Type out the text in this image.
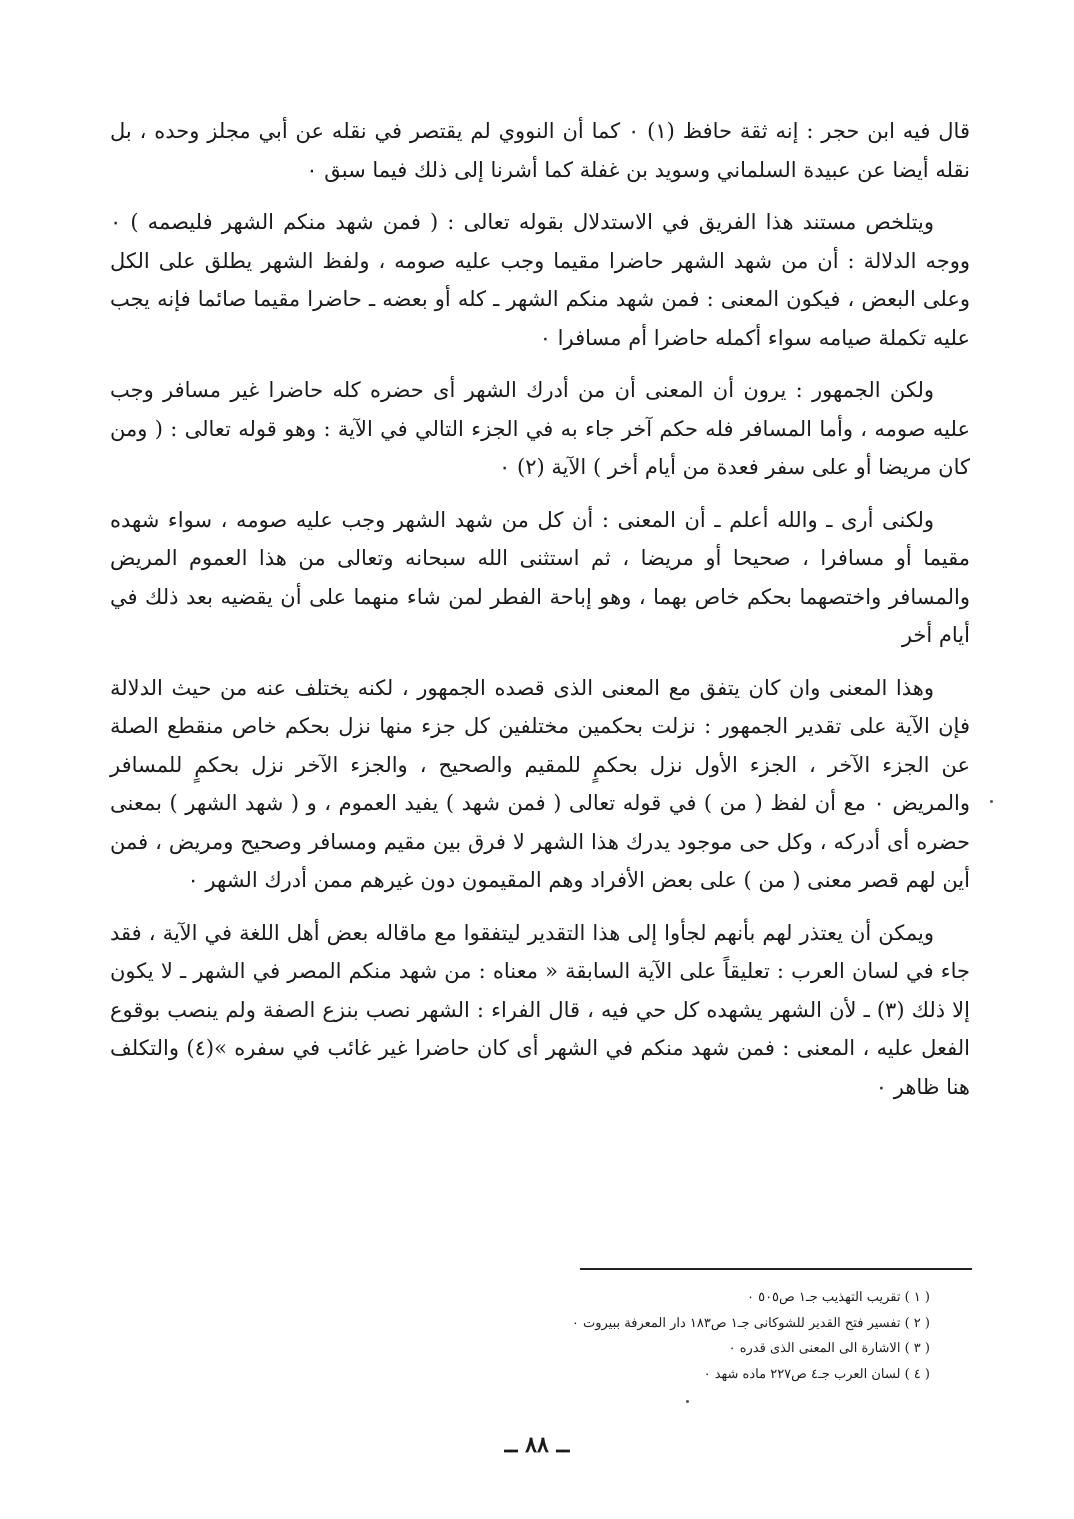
قال فيه ابن حجر : إنه ثقة حافظ (١) ٠ كما أن النووي لم يقتصر في نقله عن أبي مجلز وحده ، بل نقله أيضا عن عبيدة السلماني وسويد بن غفلة كما أشرنا إلى ذلك فيما سبق ٠

ويتلخص مستند هذا الفريق في الاستدلال بقوله تعالى : ( فمن شهد منكم الشهر فليصمه ) ٠ ووجه الدلالة : أن من شهد الشهر حاضرا مقيما وجب عليه صومه ، ولفظ الشهر يطلق على الكل وعلى البعض ، فيكون المعنى : فمن شهد منكم الشهر ـ كله أو بعضه ـ حاضرا مقيما صائما فإنه يجب عليه تكملة صيامه سواء أكمله حاضرا أم مسافرا ٠

ولكن الجمهور : يرون أن المعنى أن من أدرك الشهر أى حضره كله حاضرا غير مسافر وجب عليه صومه ، وأما المسافر فله حكم آخر جاء به في الجزء التالي في الآية : وهو قوله تعالى : ( ومن كان مريضا أو على سفر فعدة من أيام أخر ) الآية (٢) ٠

ولكنى أرى ـ والله أعلم ـ أن المعنى : أن كل من شهد الشهر وجب عليه صومه ، سواء شهده مقيما أو مسافرا ، صحيحا أو مريضا ، ثم استثنى الله سبحانه وتعالى من هذا العموم المريض والمسافر واختصهما بحكم خاص بهما ، وهو إباحة الفطر لمن شاء منهما على أن يقضيه بعد ذلك في أيام أخر

وهذا المعنى وان كان يتفق مع المعنى الذى قصده الجمهور ، لكنه يختلف عنه من حيث الدلالة فإن الآية على تقدير الجمهور : نزلت بحكمين مختلفين كل جزء منها نزل بحكم خاص منقطع الصلة عن الجزء الآخر ، الجزء الأول نزل بحكمٍ للمقيم والصحيح ، والجزء الآخر نزل بحكمٍ للمسافر والمريض ٠ مع أن لفظ ( من ) في قوله تعالى ( فمن شهد ) يفيد العموم ، و ( شهد الشهر ) بمعنى حضره أى أدركه ، وكل حى موجود يدرك هذا الشهر لا فرق بين مقيم ومسافر وصحيح ومريض ، فمن أين لهم قصر معنى ( من ) على بعض الأفراد وهم المقيمون دون غيرهم ممن أدرك الشهر ٠

ويمكن أن يعتذر لهم بأنهم لجأوا إلى هذا التقدير ليتفقوا مع ماقاله بعض أهل اللغة في الآية ، فقد جاء في لسان العرب : تعليقاً على الآية السابقة « معناه : من شهد منكم المصر في الشهر ـ لا يكون إلا ذلك (٣) ـ لأن الشهر يشهده كل حي فيه ، قال الفراء : الشهر نصب بنزع الصفة ولم ينصب بوقوع الفعل عليه ، المعنى : فمن شهد منكم في الشهر أى كان حاضرا غير غائب في سفره »(٤) والتكلف هنا ظاهر ٠

( ١ ) تقريب التهذيب جـ١ ص٥٠٥ ٠
( ٢ ) تفسير فتح القدير للشوكانى جـ١ ص١٨٣ دار المعرفة ببيروت ٠
( ٣ ) الاشارة الى المعنى الذى قدره ٠
( ٤ ) لسان العرب جـ٤ ص٢٢٧ ماده شهد ٠
ــ ٨٨ ــ
